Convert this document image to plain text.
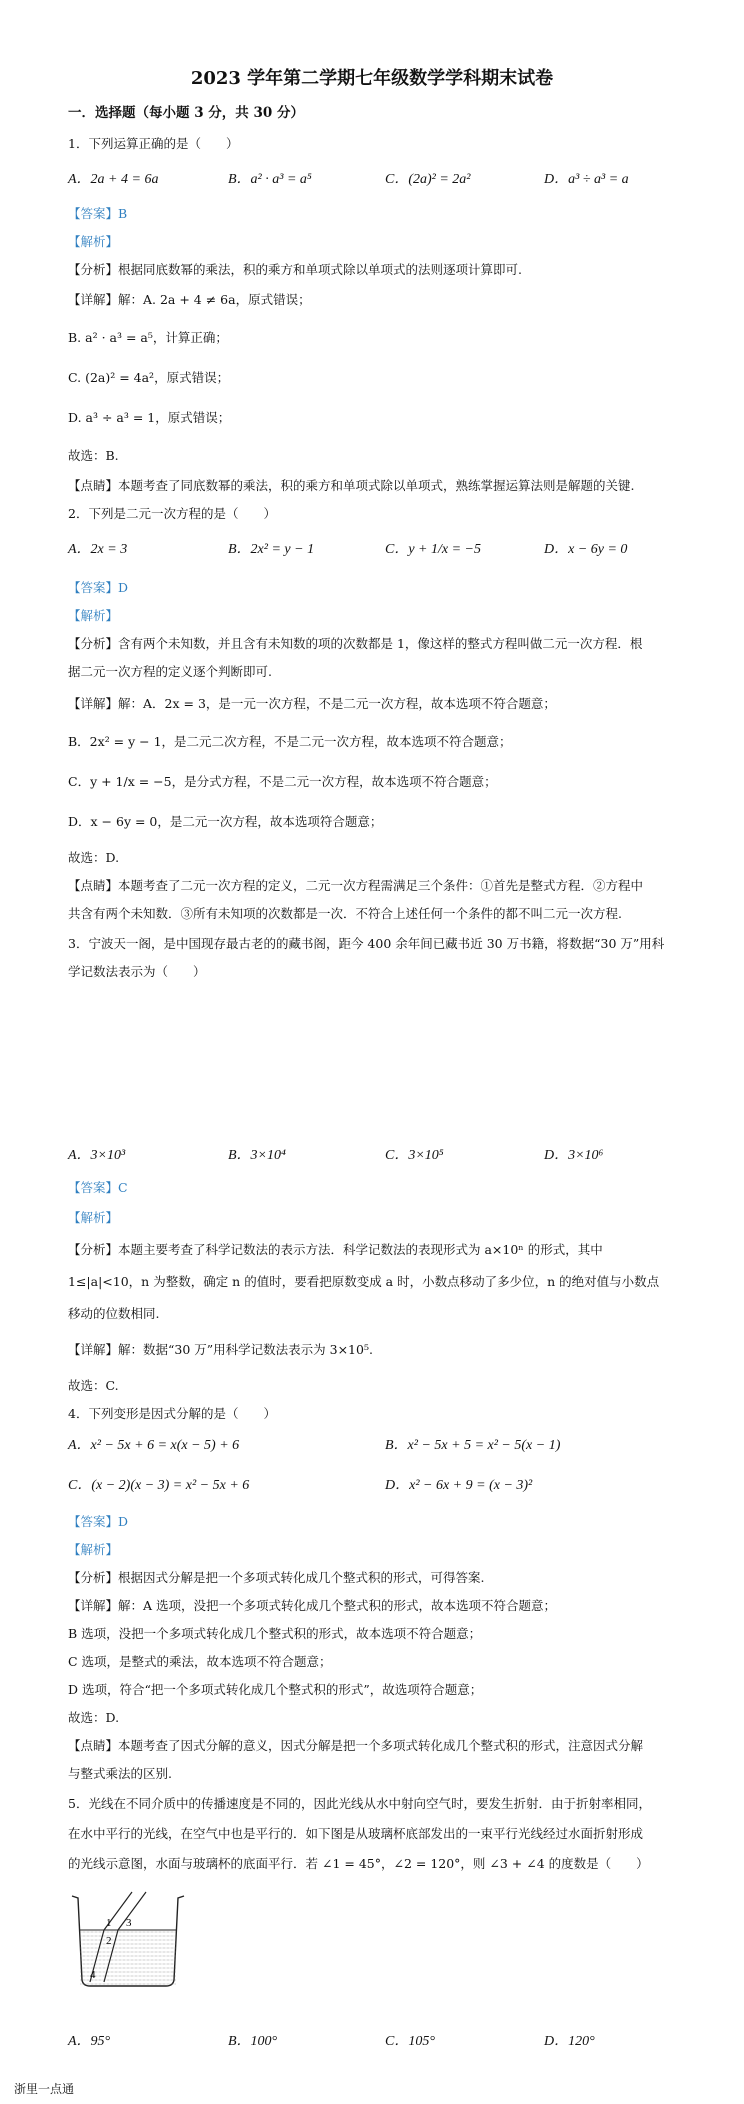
2023 学年第二学期七年级数学学科期末试卷
一．选择题（每小题 3 分，共 30 分）
1．下列运算正确的是（　　）
A．2a + 4 = 6a	B．a² · a³ = a⁵	C．(2a)² = 2a²	D．a³ ÷ a³ = a
【答案】B
【解析】
【分析】根据同底数幂的乘法，积的乘方和单项式除以单项式的法则逐项计算即可.
【详解】解：A. 2a + 4 ≠ 6a，原式错误；
B. a² · a³ = a⁵，计算正确；
C. (2a)² = 4a²，原式错误；
D. a³ ÷ a³ = 1，原式错误；
故选：B.
【点睛】本题考查了同底数幂的乘法，积的乘方和单项式除以单项式，熟练掌握运算法则是解题的关键.
2．下列是二元一次方程的是（　　）
A．2x = 3	B．2x² = y − 1	C．y + 1/x = −5	D．x − 6y = 0
【答案】D
【解析】
【分析】含有两个未知数，并且含有未知数的项的次数都是 1，像这样的整式方程叫做二元一次方程．根
据二元一次方程的定义逐个判断即可.
【详解】解：A．2x = 3，是一元一次方程，不是二元一次方程，故本选项不符合题意；
B．2x² = y − 1，是二元二次方程，不是二元一次方程，故本选项不符合题意；
C．y + 1/x = −5，是分式方程，不是二元一次方程，故本选项不符合题意；
D．x − 6y = 0，是二元一次方程，故本选项符合题意；
故选：D.
【点睛】本题考查了二元一次方程的定义，二元一次方程需满足三个条件：①首先是整式方程．②方程中
共含有两个未知数．③所有未知项的次数都是一次．不符合上述任何一个条件的都不叫二元一次方程.
3．宁波天一阁，是中国现存最古老的的藏书阁，距今 400 余年间已藏书近 30 万书籍，将数据“30 万”用科
学记数法表示为（　　）
A．3×10³	B．3×10⁴	C．3×10⁵	D．3×10⁶
【答案】C
【解析】
【分析】本题主要考查了科学记数法的表示方法．科学记数法的表现形式为 a×10ⁿ 的形式，其中
1≤|a|<10，n 为整数，确定 n 的值时，要看把原数变成 a 时，小数点移动了多少位，n 的绝对值与小数点
移动的位数相同.
【详解】解：数据“30 万”用科学记数法表示为 3×10⁵.
故选：C.
4．下列变形是因式分解的是（　　）
A．x² − 5x + 6 = x(x − 5) + 6	B．x² − 5x + 5 = x² − 5(x − 1)
C．(x − 2)(x − 3) = x² − 5x + 6	D．x² − 6x + 9 = (x − 3)²
【答案】D
【解析】
【分析】根据因式分解是把一个多项式转化成几个整式积的形式，可得答案.
【详解】解：A 选项，没把一个多项式转化成几个整式积的形式，故本选项不符合题意；
B 选项，没把一个多项式转化成几个整式积的形式，故本选项不符合题意；
C 选项，是整式的乘法，故本选项不符合题意；
D 选项，符合“把一个多项式转化成几个整式积的形式”，故选项符合题意；
故选：D.
【点睛】本题考查了因式分解的意义，因式分解是把一个多项式转化成几个整式积的形式，注意因式分解
与整式乘法的区别.
5．光线在不同介质中的传播速度是不同的，因此光线从水中射向空气时，要发生折射．由于折射率相同，
在水中平行的光线，在空气中也是平行的．如下图是从玻璃杯底部发出的一束平行光线经过水面折射形成
的光线示意图，水面与玻璃杯的底面平行．若 ∠1 = 45°，∠2 = 120°，则 ∠3 + ∠4 的度数是（　　）
1 3
2
4
A．95°	B．100°	C．105°	D．120°
浙里一点通
